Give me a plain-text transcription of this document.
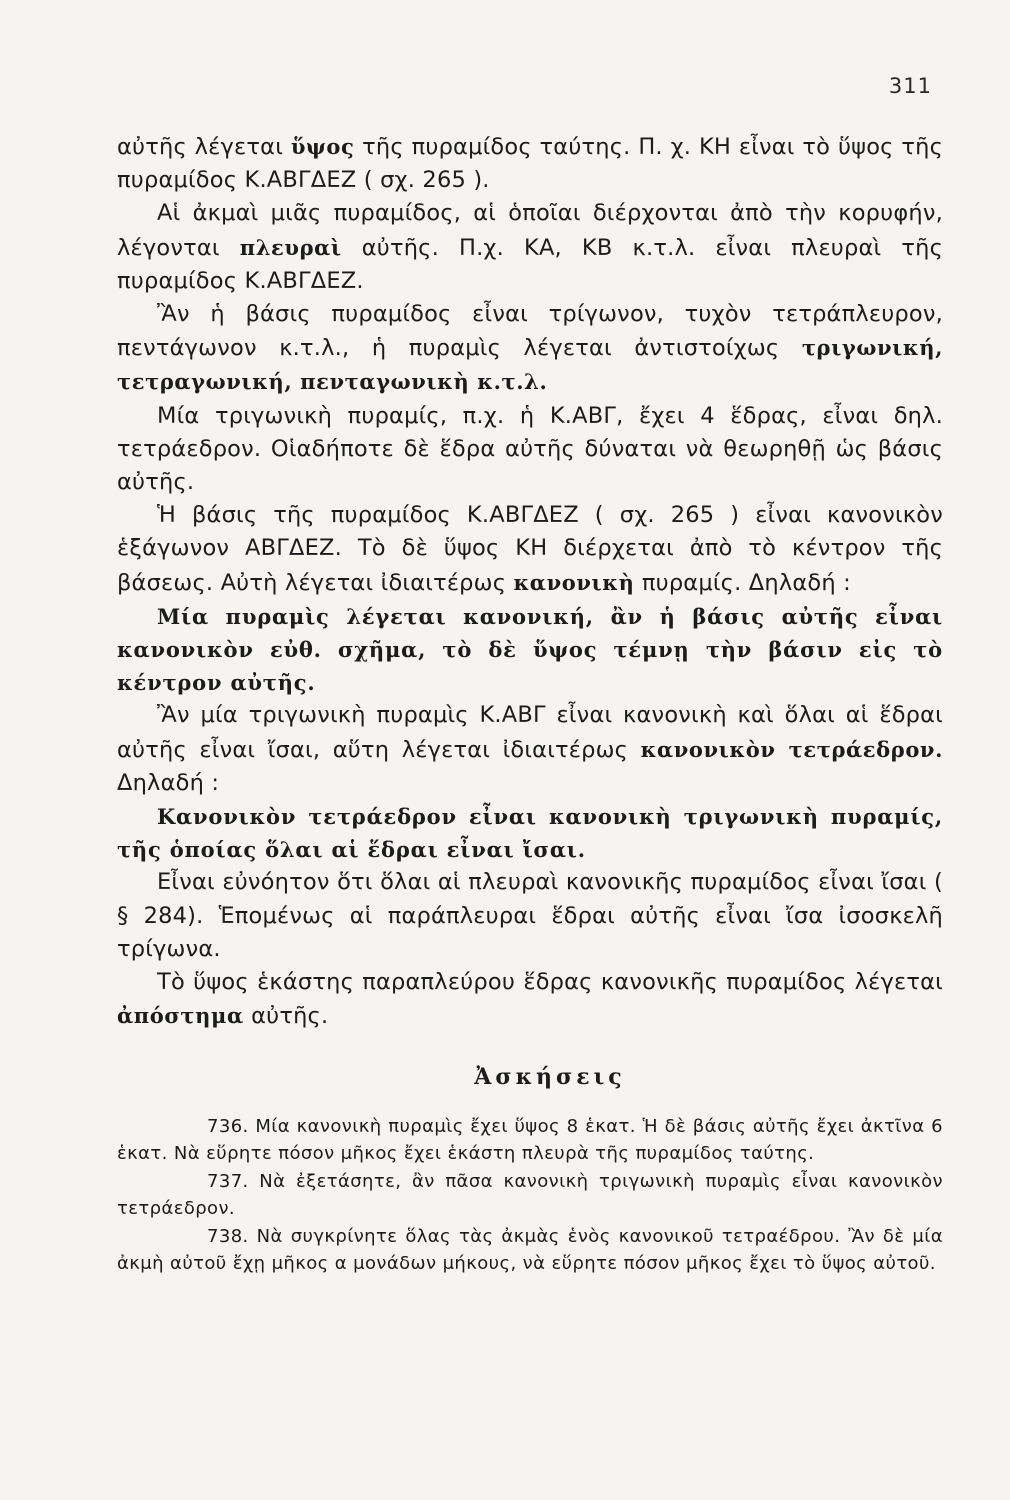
311

αὐτῆς λέγεται ὕψος τῆς πυραμίδος ταύτης. Π. χ. ΚΗ εἶναι τὸ ὕψος τῆς πυραμίδος Κ.ΑΒΓΔΕΖ ( σχ. 265 ).

Αἱ ἀκμαὶ μιᾶς πυραμίδος, αἱ ὁποῖαι διέρχονται ἀπὸ τὴν κορυφήν, λέγονται πλευραὶ αὐτῆς. Π.χ. ΚΑ, ΚΒ κ.τ.λ. εἶναι πλευραὶ τῆς πυραμίδος Κ.ΑΒΓΔΕΖ.

Ἂν ἡ βάσις πυραμίδος εἶναι τρίγωνον, τυχὸν τετράπλευρον, πεντάγωνον κ.τ.λ., ἡ πυραμὶς λέγεται ἀντιστοίχως τριγωνική, τετραγωνική, πενταγωνικὴ κ.τ.λ.

Μία τριγωνικὴ πυραμίς, π.χ. ἡ Κ.ΑΒΓ, ἔχει 4 ἕδρας, εἶναι δηλ. τετράεδρον. Οἱαδήποτε δὲ ἕδρα αὐτῆς δύναται νὰ θεωρηθῇ ὡς βάσις αὐτῆς.

Ἡ βάσις τῆς πυραμίδος Κ.ΑΒΓΔΕΖ ( σχ. 265 ) εἶναι κανονικὸν ἑξάγωνον ΑΒΓΔΕΖ. Τὸ δὲ ὕψος ΚΗ διέρχεται ἀπὸ τὸ κέντρον τῆς βάσεως. Αὐτὴ λέγεται ἰδιαιτέρως κανονικὴ πυραμίς. Δηλαδή :

Μία πυραμὶς λέγεται κανονική, ἂν ἡ βάσις αὐτῆς εἶναι κανονικὸν εὐθ. σχῆμα, τὸ δὲ ὕψος τέμνῃ τὴν βάσιν εἰς τὸ κέντρον αὐτῆς.

Ἂν μία τριγωνικὴ πυραμὶς Κ.ΑΒΓ εἶναι κανονικὴ καὶ ὅλαι αἱ ἕδραι αὐτῆς εἶναι ἴσαι, αὕτη λέγεται ἰδιαιτέρως κανονικὸν τετράεδρον. Δηλαδή :

Κανονικὸν τετράεδρον εἶναι κανονικὴ τριγωνικὴ πυραμίς, τῆς ὁποίας ὅλαι αἱ ἕδραι εἶναι ἴσαι.

Εἶναι εὐνόητον ὅτι ὅλαι αἱ πλευραὶ κανονικῆς πυραμίδος εἶναι ἴσαι ( § 284). Ἑπομένως αἱ παράπλευραι ἕδραι αὐτῆς εἶναι ἴσα ἰσοσκελῆ τρίγωνα.

Τὸ ὕψος ἑκάστης παραπλεύρου ἕδρας κανονικῆς πυραμίδος λέγεται ἀπόστημα αὐτῆς.

Ἀσκήσεις

736. Μία κανονικὴ πυραμὶς ἔχει ὕψος 8 ἑκατ. Ἡ δὲ βάσις αὐτῆς ἔχει ἀκτῖνα 6 ἑκατ. Νὰ εὕρητε πόσον μῆκος ἔχει ἑκάστη πλευρὰ τῆς πυραμίδος ταύτης.

737. Νὰ ἐξετάσητε, ἂν πᾶσα κανονικὴ τριγωνικὴ πυραμὶς εἶναι κανονικὸν τετράεδρον.

738. Νὰ συγκρίνητε ὅλας τὰς ἀκμὰς ἑνὸς κανονικοῦ τετραέδρου. Ἂν δὲ μία ἀκμὴ αὐτοῦ ἔχῃ μῆκος α μονάδων μήκους, νὰ εὕρητε πόσον μῆκος ἔχει τὸ ὕψος αὐτοῦ.
